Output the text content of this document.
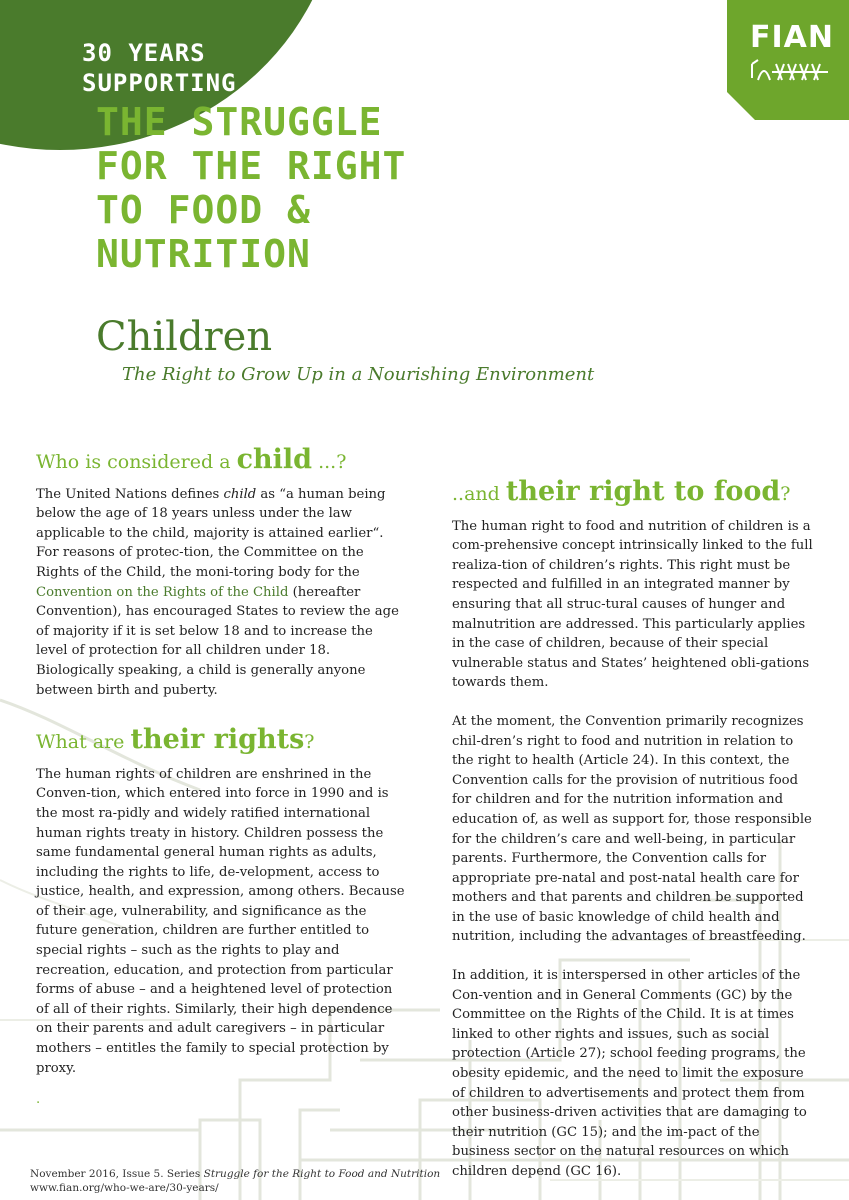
FIAN
30 YEARS
SUPPORTING
THE STRUGGLE
FOR THE RIGHT
TO FOOD &
NUTRITION
Children
The Right to Grow Up in a Nourishing Environment
Who is considered a child ...?

The United Nations defines child as “a human being below the age of 18 years unless under the law applicable to the child, majority is attained earlier“. For reasons of protec-tion, the Committee on the Rights of the Child, the moni-toring body for the Convention on the Rights of the Child (hereafter Convention), has encouraged States to review the age of majority if it is set below 18 and to increase the level of protection for all children under 18. Biologically speaking, a child is generally anyone between birth and puberty.

What are their rights?

The human rights of children are enshrined in the Conven-tion, which entered into force in 1990 and is the most ra-pidly and widely ratified international human rights treaty in history. Children possess the same fundamental general human rights as adults, including the rights to life, de-velopment, access to justice, health, and expression, among others. Because of their age, vulnerability, and significance as the future generation, children are further entitled to special rights – such as the rights to play and recreation, education, and protection from particular forms of abuse – and a heightened level of protection of all of their rights. Similarly, their high dependence on their parents and adult caregivers – in particular mothers – entitles the family to special protection by proxy.

.

..and their right to food?

The human right to food and nutrition of children is a com-prehensive concept intrinsically linked to the full realiza-tion of children’s rights. This right must be respected and fulfilled in an integrated manner by ensuring that all struc-tural causes of hunger and malnutrition are addressed. This particularly applies in the case of children, because of their special vulnerable status and States’ heightened obli-gations towards them.

At the moment, the Convention primarily recognizes chil-dren’s right to food and nutrition in relation to the right to health (Article 24). In this context, the Convention calls for the provision of nutritious food for children and for the nutrition information and education of, as well as support for, those responsible for the children’s care and well-being, in particular parents. Furthermore, the Convention calls for appropriate pre-natal and post-natal health care for mothers and that parents and children be supported in the use of basic knowledge of child health and nutrition, including the advantages of breastfeeding.

In addition, it is interspersed in other articles of the Con-vention and in General Comments (GC) by the Committee on the Rights of the Child. It is at times linked to other rights and issues, such as social protection (Article 27); school feeding programs, the obesity epidemic, and the need to limit the exposure of children to advertisements and protect them from other business-driven activities that are damaging to their nutrition (GC 15); and the im-pact of the business sector on the natural resources on which children depend (GC 16).

November 2016, Issue 5. Series Struggle for the Right to Food and Nutrition
www.fian.org/who-we-are/30-years/
